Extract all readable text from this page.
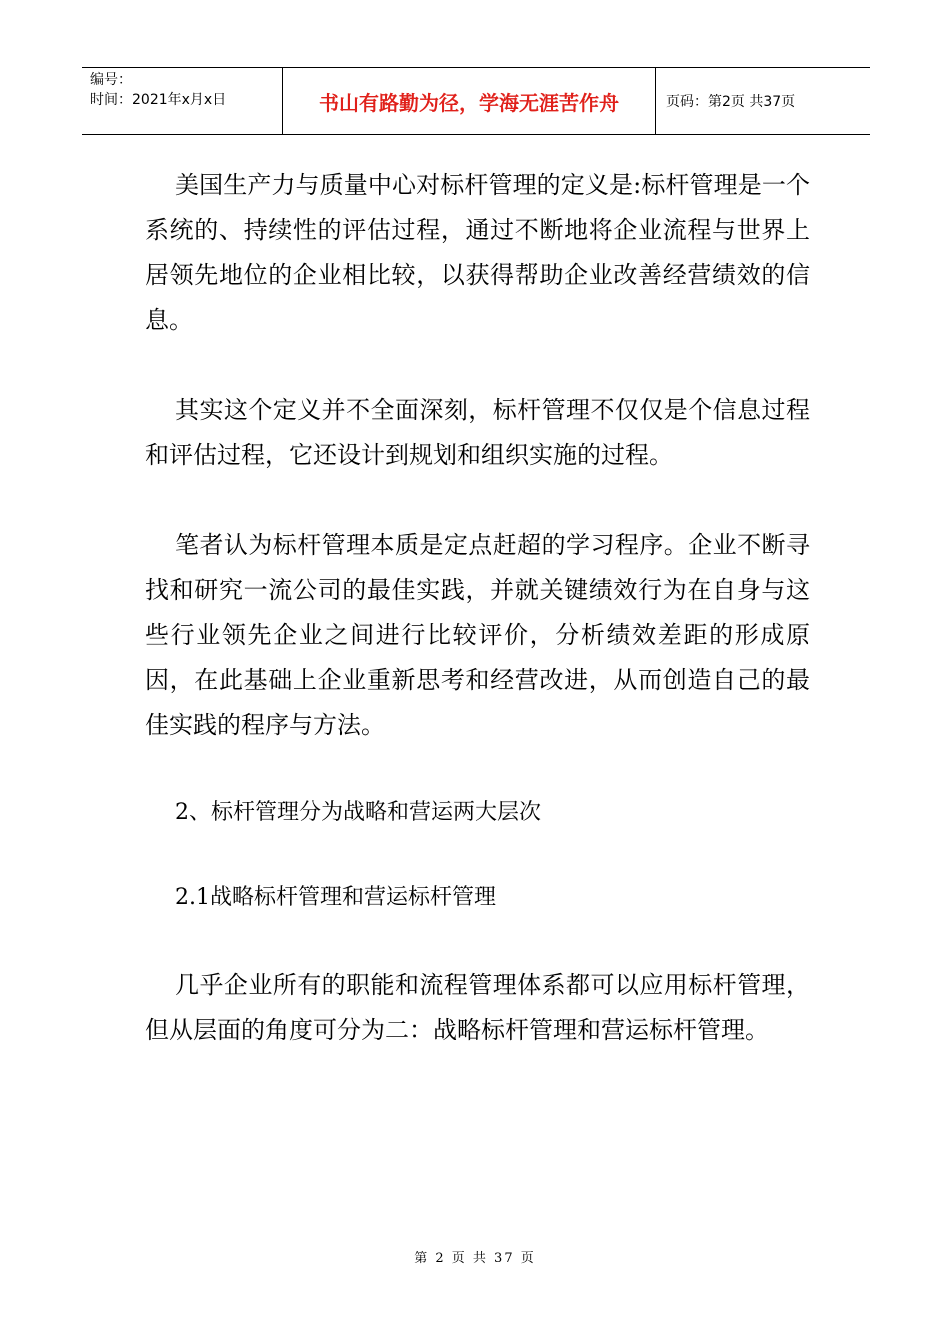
编号：
时间：2021年x月x日	书山有路勤为径，学海无涯苦作舟	页码：第2页 共37页

美国生产力与质量中心对标杆管理的定义是:标杆管理是一个系统的、持续性的评估过程，通过不断地将企业流程与世界上居领先地位的企业相比较，以获得帮助企业改善经营绩效的信息。

其实这个定义并不全面深刻，标杆管理不仅仅是个信息过程和评估过程，它还设计到规划和组织实施的过程。

笔者认为标杆管理本质是定点赶超的学习程序。企业不断寻找和研究一流公司的最佳实践，并就关键绩效行为在自身与这些行业领先企业之间进行比较评价，分析绩效差距的形成原因，在此基础上企业重新思考和经营改进，从而创造自己的最佳实践的程序与方法。

2、标杆管理分为战略和营运两大层次

2.1战略标杆管理和营运标杆管理

几乎企业所有的职能和流程管理体系都可以应用标杆管理，但从层面的角度可分为二：战略标杆管理和营运标杆管理。

第 2 页 共 37 页
